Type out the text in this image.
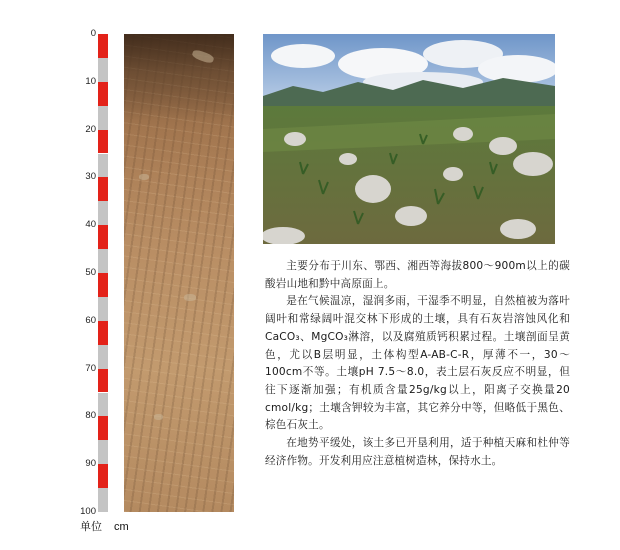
0
10
20
30
40
50
60
70
80
90
100
单位 cm

主要分布于川东、鄂西、湘西等海拔800～900m以上的碳酸岩山地和黔中高原面上。

是在气候温凉，湿润多雨，干湿季不明显，自然植被为落叶阔叶和常绿阔叶混交林下形成的土壤，具有石灰岩溶蚀风化和CaCO₃、MgCO₃淋溶，以及腐殖质钙积累过程。土壤剖面呈黄色，尤以B层明显，土体构型A-AB-C-R，厚薄不一，30～100cm不等。土壤pH 7.5～8.0，表土层石灰反应不明显，但往下逐渐加强；有机质含量25g/kg以上，阳离子交换量20 cmol/kg；土壤含钾较为丰富，其它养分中等，但略低于黑色、棕色石灰土。

在地势平缓处，该土多已开垦利用，适于种植天麻和杜仲等经济作物。开发利用应注意植树造林，保持水土。
